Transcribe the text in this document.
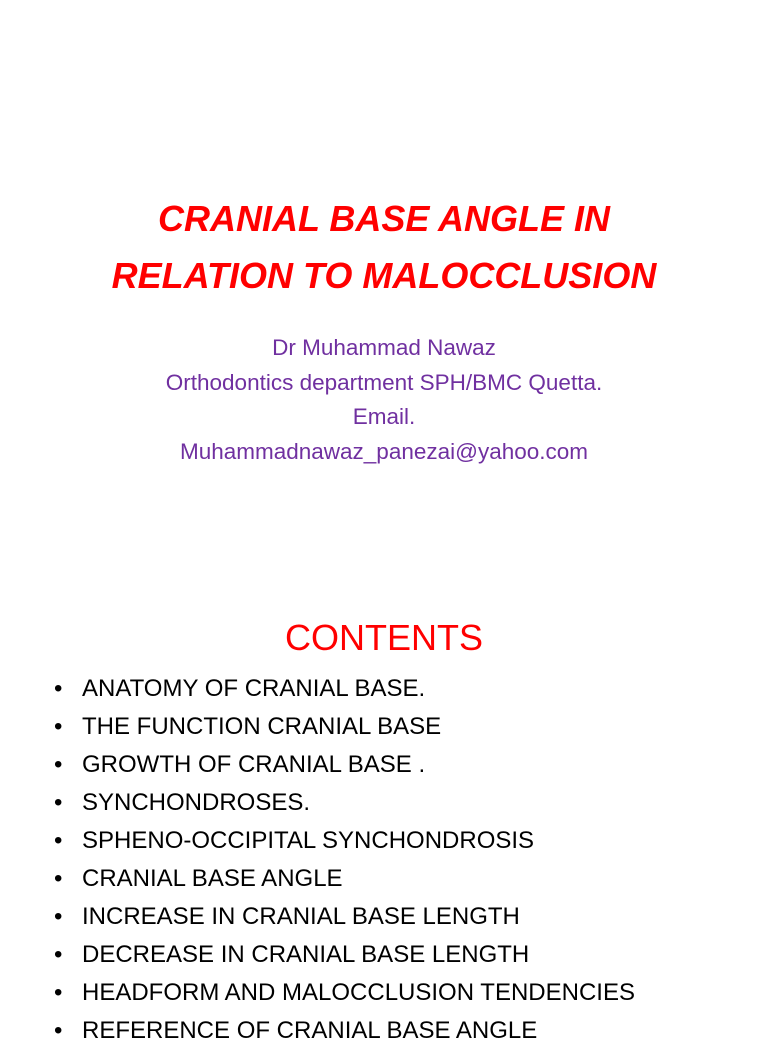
CRANIAL BASE ANGLE IN
RELATION TO MALOCCLUSION
Dr Muhammad Nawaz
Orthodontics department SPH/BMC Quetta.
Email.
Muhammadnawaz_panezai@yahoo.com
CONTENTS
• ANATOMY OF CRANIAL BASE.
• THE FUNCTION CRANIAL BASE
• GROWTH OF CRANIAL BASE .
• SYNCHONDROSES.
• SPHENO-OCCIPITAL SYNCHONDROSIS
• CRANIAL BASE ANGLE
• INCREASE IN CRANIAL BASE LENGTH
• DECREASE IN CRANIAL BASE LENGTH
• HEADFORM AND MALOCCLUSION TENDENCIES
• REFERENCE OF CRANIAL BASE ANGLE
